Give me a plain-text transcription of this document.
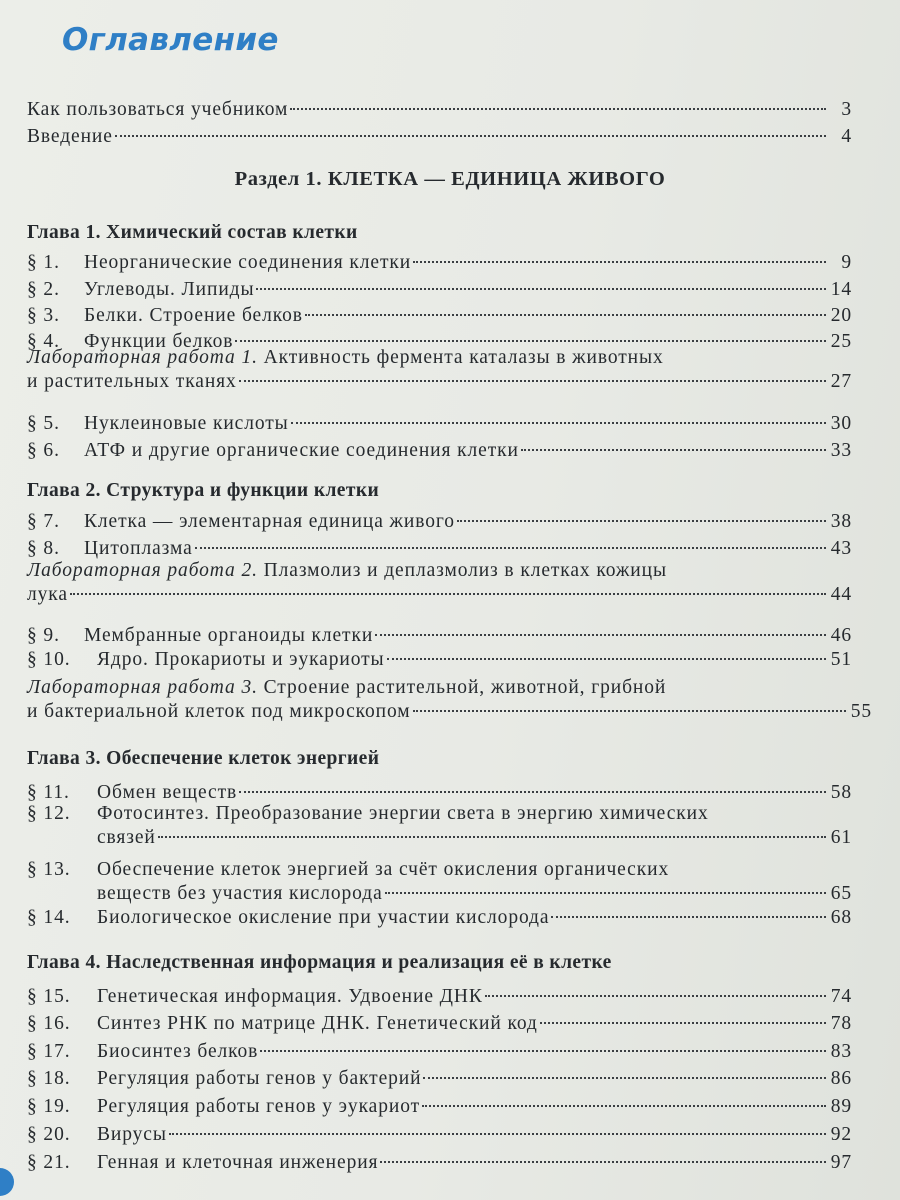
Оглавление
Как пользоваться учебником	3
Введение	4
Раздел 1. КЛЕТКА — ЕДИНИЦА ЖИВОГО
Глава 1. Химический состав клетки
§ 1.	Неорганические соединения клетки	9
§ 2.	Углеводы. Липиды	14
§ 3.	Белки. Строение белков	20
§ 4.	Функции белков	25
Лабораторная работа 1. Активность фермента каталазы в животных
и растительных тканях	27
§ 5.	Нуклеиновые кислоты	30
§ 6.	АТФ и другие органические соединения клетки	33
Глава 2. Структура и функции клетки
§ 7.	Клетка — элементарная единица живого	38
§ 8.	Цитоплазма	43
Лабораторная работа 2. Плазмолиз и деплазмолиз в клетках кожицы
лука	44
§ 9.	Мембранные органоиды клетки	46
§ 10.	Ядро. Прокариоты и эукариоты	51
Лабораторная работа 3. Строение растительной, животной, грибной
и бактериальной клеток под микроскопом	55
Глава 3. Обеспечение клеток энергией
§ 11.	Обмен веществ	58
§ 12. Фотосинтез. Преобразование энергии света в энергию химических
связей	61
§ 13. Обеспечение клеток энергией за счёт окисления органических
веществ без участия кислорода	65
§ 14.	Биологическое окисление при участии кислорода	68
Глава 4. Наследственная информация и реализация её в клетке
§ 15.	Генетическая информация. Удвоение ДНК	74
§ 16.	Синтез РНК по матрице ДНК. Генетический код	78
§ 17.	Биосинтез белков	83
§ 18.	Регуляция работы генов у бактерий	86
§ 19.	Регуляция работы генов у эукариот	89
§ 20.	Вирусы	92
§ 21.	Генная и клеточная инженерия	97
